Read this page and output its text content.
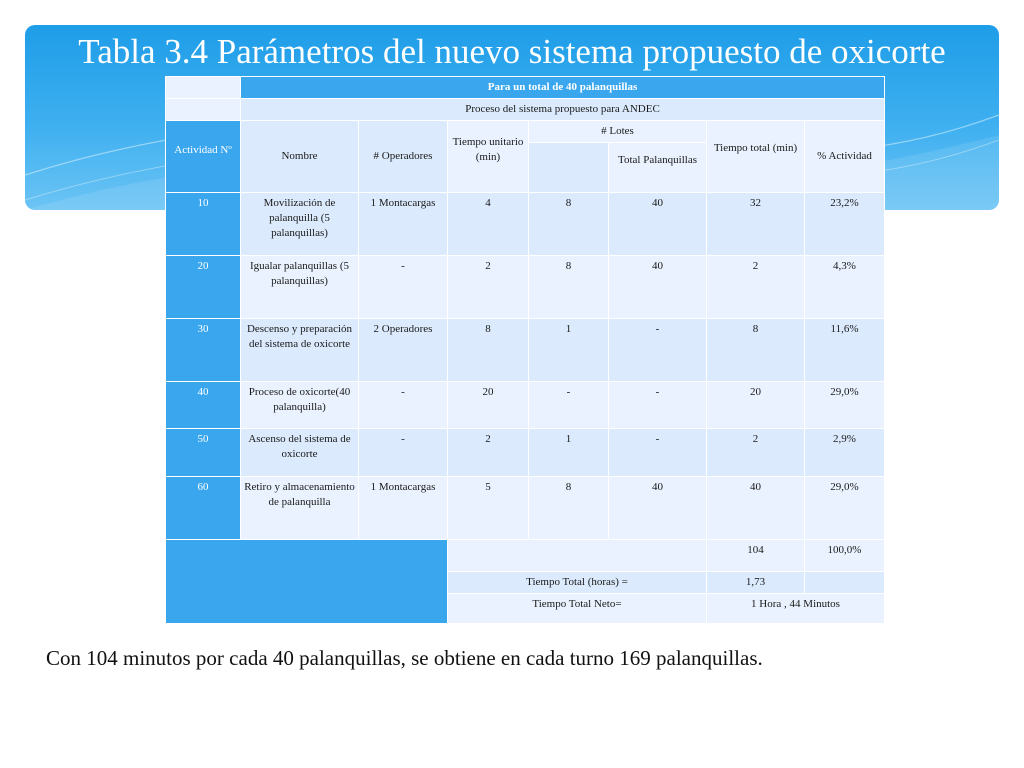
Tabla 3.4 Parámetros del nuevo sistema propuesto de oxicorte
	Para un total de 40 palanquillas						
	Proceso del sistema propuesto para ANDEC						
Actividad Nº	Nombre	# Operadores	Tiempo unitario (min)	# Lotes		Tiempo total (min)	% Actividad
					Total Palanquillas		
10	Movilización de palanquilla (5 palanquillas)	1 Montacargas	4	8	40	32	23,2%
20	Igualar palanquillas (5 palanquillas)	-	2	8	40	2	4,3%
30	Descenso y preparación del sistema de oxicorte	2 Operadores	8	1	-	8	11,6%
40	Proceso de oxicorte(40 palanquilla)	-	20	-	-	20	29,0%
50	Ascenso del sistema de oxicorte	-	2	1	-	2	2,9%
60	Retiro y almacenamiento de palanquilla	1 Montacargas	5	8	40	40	29,0%
						104	100,0%
			Tiempo Total (horas) =			1,73	
			Tiempo Total Neto=			1 Hora , 44 Minutos	
Con 104 minutos por cada 40 palanquillas, se obtiene en cada turno 169 palanquillas.
